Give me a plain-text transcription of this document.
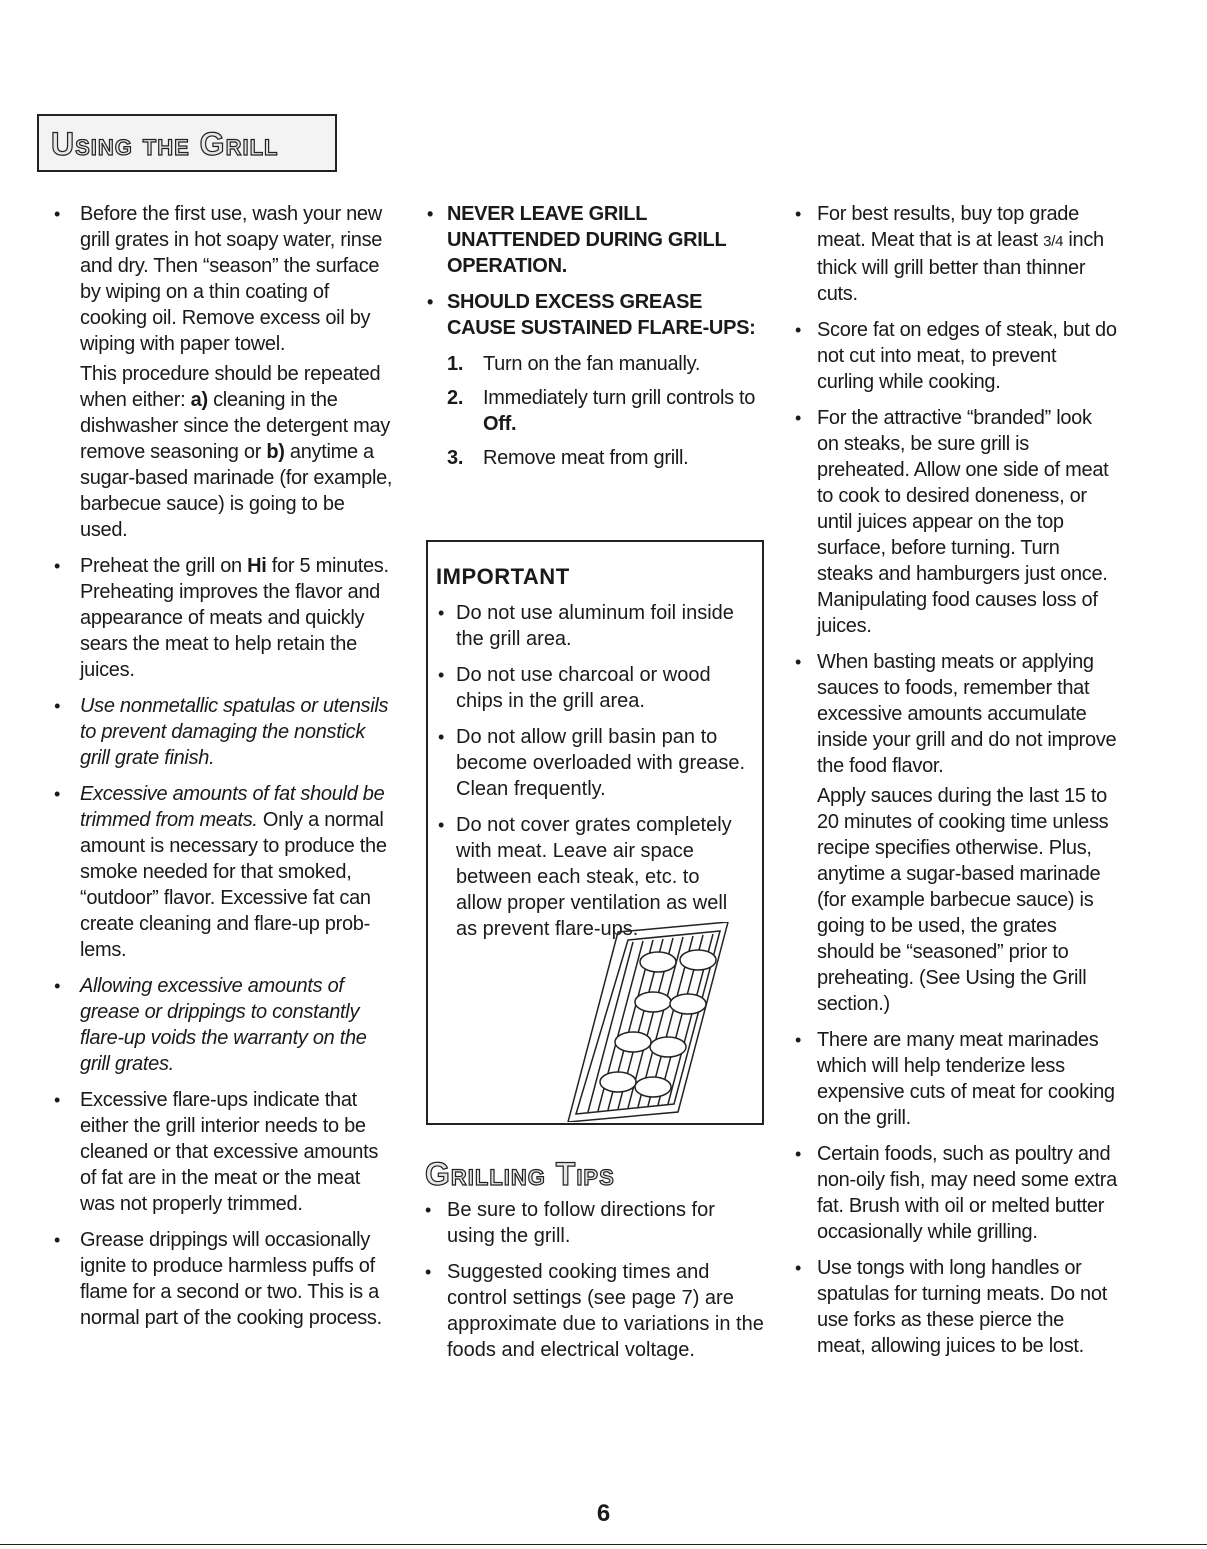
Using the Grill
• Before the first use, wash your new grill grates in hot soapy water, rinse and dry. Then “season” the surface by wiping on a thin coating of cooking oil. Remove excess oil by wiping with paper towel.
This procedure should be repeated when either: a) cleaning in the dishwasher since the detergent may remove seasoning or b) anytime a sugar-based marinade (for example, barbecue sauce) is going to be used.
• Preheat the grill on Hi for 5 minutes. Preheating improves the flavor and appearance of meats and quickly sears the meat to help retain the juices.
• Use nonmetallic spatulas or utensils to prevent damaging the nonstick grill grate finish.
• Excessive amounts of fat should be trimmed from meats. Only a normal amount is necessary to produce the smoke needed for that smoked, “outdoor” flavor. Excessive fat can create cleaning and flare-up prob-lems.
• Allowing excessive amounts of grease or drippings to constantly flare-up voids the warranty on the grill grates.
• Excessive flare-ups indicate that either the grill interior needs to be cleaned or that excessive amounts of fat are in the meat or the meat was not properly trimmed.
• Grease drippings will occasionally ignite to produce harmless puffs of flame for a second or two. This is a normal part of the cooking process.
• NEVER LEAVE GRILL UNATTENDED DURING GRILL OPERATION.
• SHOULD EXCESS GREASE CAUSE SUSTAINED FLARE-UPS:
1. Turn on the fan manually.
2. Immediately turn grill controls to
Off.
3. Remove meat from grill.
IMPORTANT
• Do not use aluminum foil inside the grill area.
• Do not use charcoal or wood chips in the grill area.
• Do not allow grill basin pan to become overloaded with grease. Clean frequently.
• Do not cover grates completely with meat. Leave air space between each steak, etc. to allow proper ventilation as well as prevent flare-ups.
Grilling Tips
• Be sure to follow directions for using the grill.
• Suggested cooking times and control settings (see page 7) are approximate due to variations in the foods and electrical voltage.
• For best results, buy top grade meat. Meat that is at least 3/4 inch thick will grill better than thinner cuts.
• Score fat on edges of steak, but do not cut into meat, to prevent curling while cooking.
• For the attractive “branded” look on steaks, be sure grill is preheated. Allow one side of meat to cook to desired doneness, or until juices appear on the top surface, before turning. Turn steaks and hamburgers just once. Manipulating food causes loss of juices.
• When basting meats or applying sauces to foods, remember that excessive amounts accumulate inside your grill and do not improve the food flavor.
Apply sauces during the last 15 to 20 minutes of cooking time unless recipe specifies otherwise. Plus, anytime a sugar-based marinade (for example barbecue sauce) is going to be used, the grates should be “seasoned” prior to preheating. (See Using the Grill section.)
• There are many meat marinades which will help tenderize less expensive cuts of meat for cooking on the grill.
• Certain foods, such as poultry and non-oily fish, may need some extra fat. Brush with oil or melted butter occasionally while grilling.
• Use tongs with long handles or spatulas for turning meats. Do not use forks as these pierce the meat, allowing juices to be lost.
6
